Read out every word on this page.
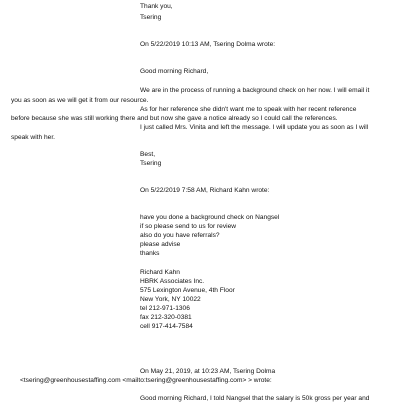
Thank you,

Tsering

On 5/22/2019 10:13 AM, Tsering Dolma wrote:

Good morning Richard,

We are in the process of running a background check on her now. I will email it

you as soon as we will get it from our resource.

As for her reference she didn't want me to speak with her recent reference

before because she was still working there and but now she gave a notice already so I could call the references.

I just called Mrs. Vinita and left the message. I will update you as soon as I will

speak with her.

Best,

Tsering

On 5/22/2019 7:58 AM, Richard Kahn wrote:

have you done a background check on Nangsel

if so please send to us for review

also do you have referrals?

please advise

thanks

Richard Kahn

HBRK Associates Inc.

575 Lexington Avenue, 4th Floor

New York, NY 10022

tel 212-971-1306

fax 212-320-0381

cell 917-414-7584

On May 21, 2019, at 10:23 AM, Tsering Dolma

<tsering@greenhousestaffing.com <mailto:tsering@greenhousestaffing.com> > wrote:

Good morning Richard, I told Nangsel that the salary is 50k gross per year and
